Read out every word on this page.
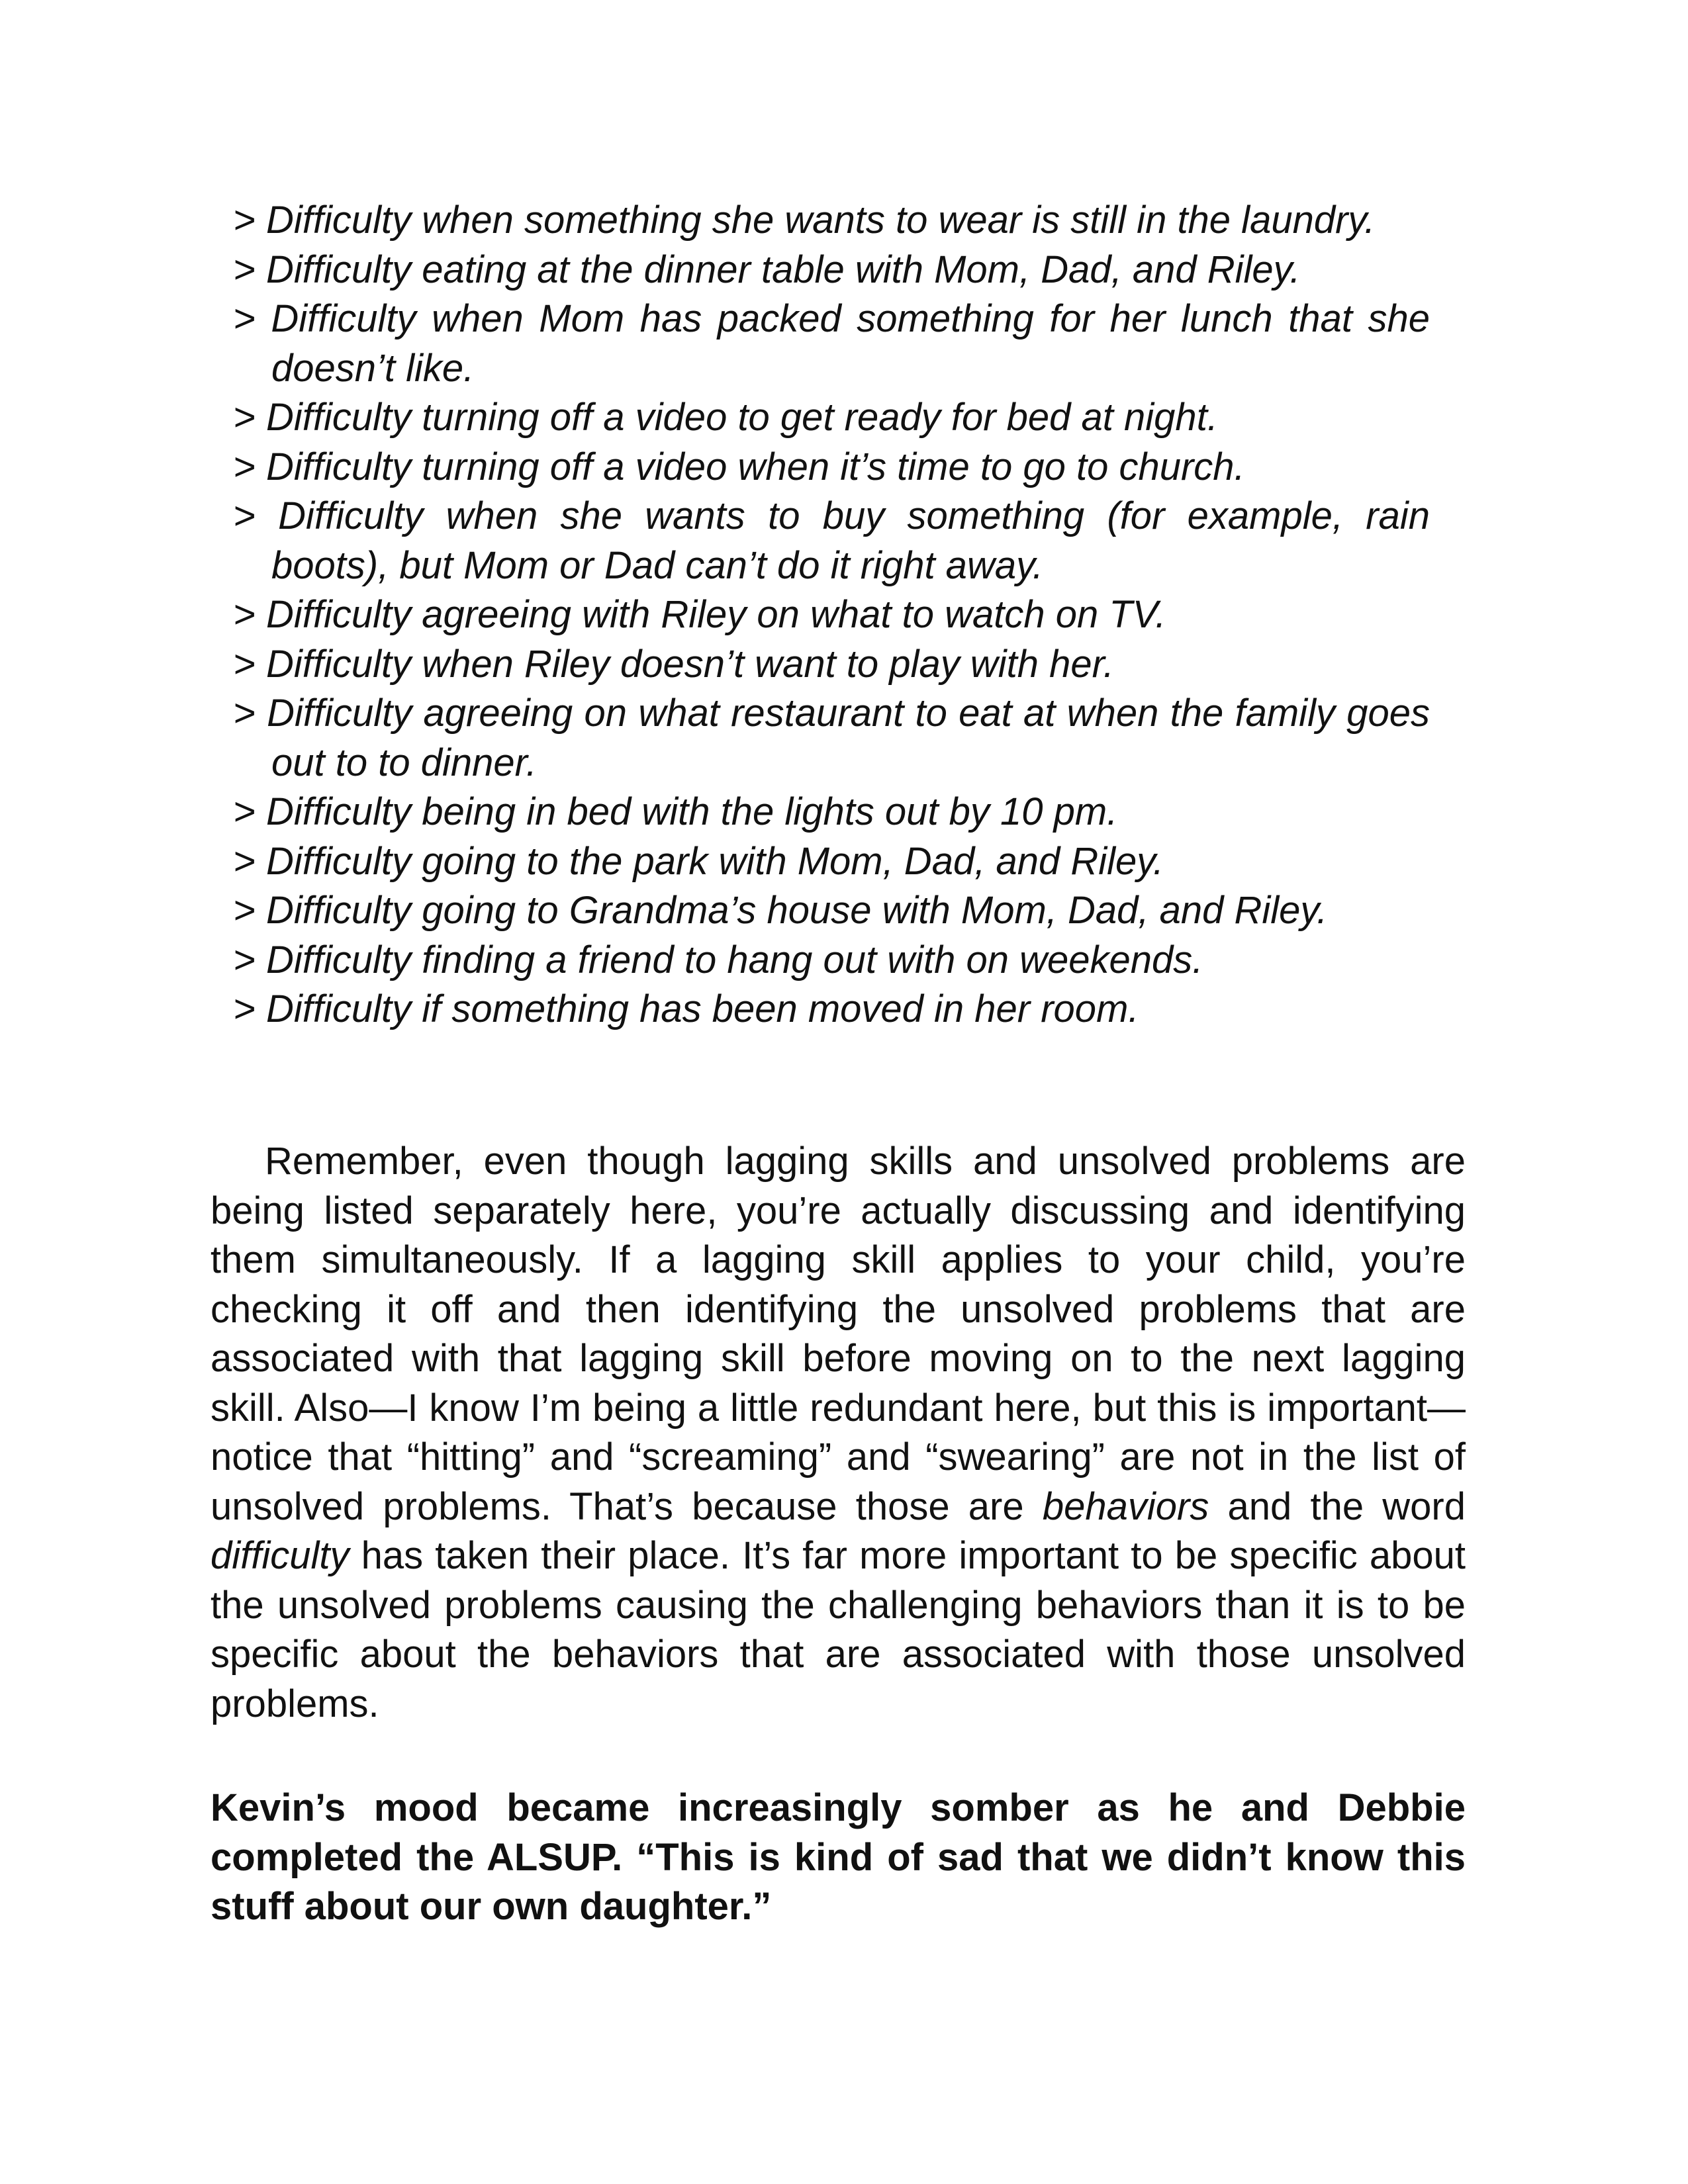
> Difficulty when something she wants to wear is still in the laundry.
> Difficulty eating at the dinner table with Mom, Dad, and Riley.
> Difficulty when Mom has packed something for her lunch that she doesn’t like.
> Difficulty turning off a video to get ready for bed at night.
> Difficulty turning off a video when it’s time to go to church.
> Difficulty when she wants to buy something (for example, rain boots), but Mom or Dad can’t do it right away.
> Difficulty agreeing with Riley on what to watch on TV.
> Difficulty when Riley doesn’t want to play with her.
> Difficulty agreeing on what restaurant to eat at when the family goes out to to dinner.
> Difficulty being in bed with the lights out by 10 pm.
> Difficulty going to the park with Mom, Dad, and Riley.
> Difficulty going to Grandma’s house with Mom, Dad, and Riley.
> Difficulty finding a friend to hang out with on weekends.
> Difficulty if something has been moved in her room.

Remember, even though lagging skills and unsolved problems are being listed separately here, you’re actually discussing and identifying them simultaneously. If a lagging skill applies to your child, you’re checking it off and then identifying the unsolved problems that are associated with that lagging skill before moving on to the next lagging skill. Also—I know I’m being a little redundant here, but this is important—notice that “hitting” and “screaming” and “swearing” are not in the list of unsolved problems. That’s because those are behaviors and the word difficulty has taken their place. It’s far more important to be specific about the unsolved problems causing the challenging behaviors than it is to be specific about the behaviors that are associated with those unsolved problems.

Kevin’s mood became increasingly somber as he and Debbie completed the ALSUP. “This is kind of sad that we didn’t know this stuff about our own daughter.”
